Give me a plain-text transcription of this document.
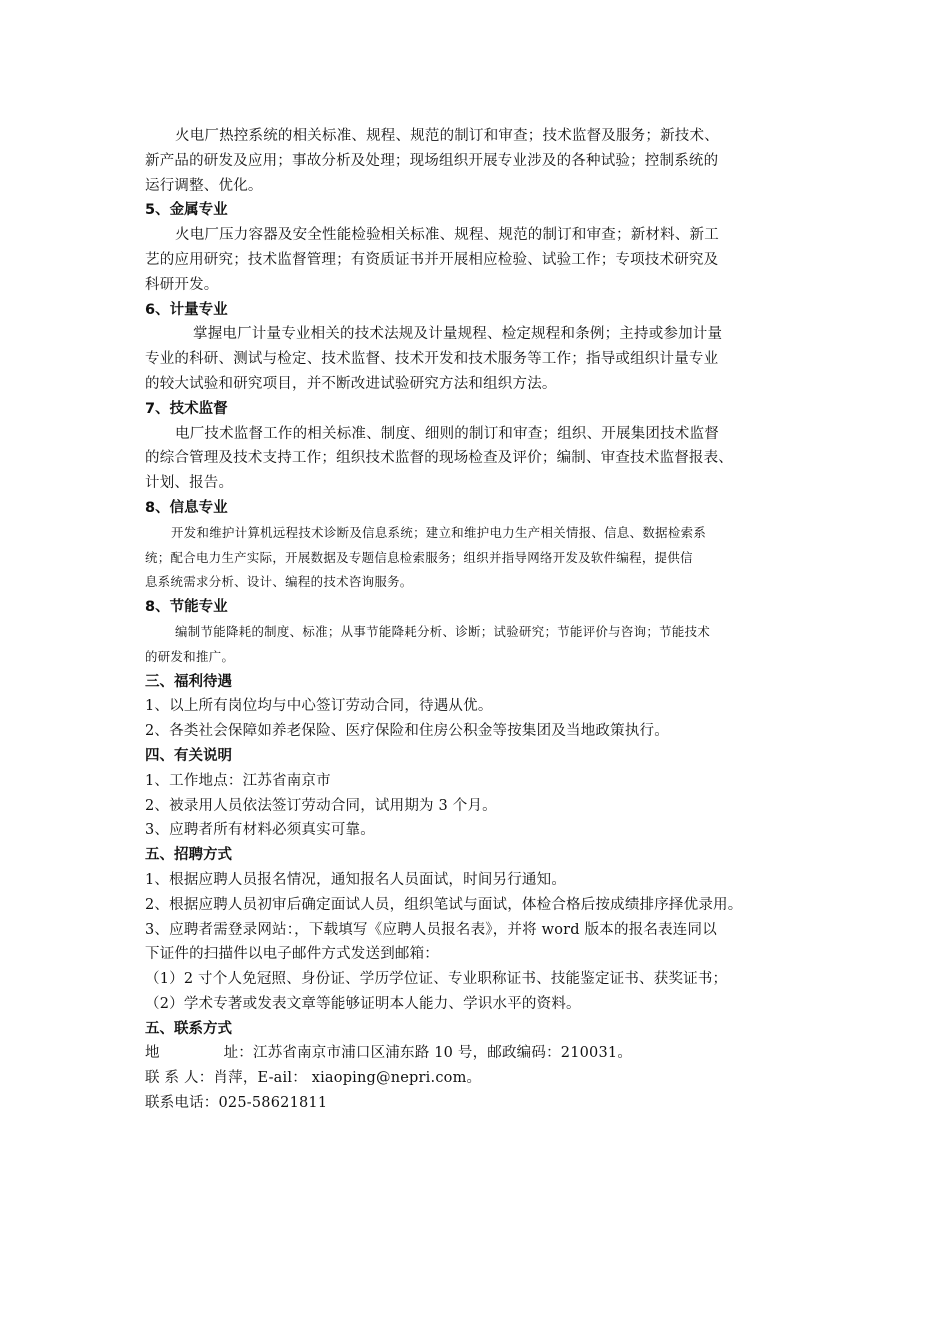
火电厂热控系统的相关标准、规程、规范的制订和审查；技术监督及服务；新技术、

新产品的研发及应用；事故分析及处理；现场组织开展专业涉及的各种试验；控制系统的

运行调整、优化。

5、金属专业

火电厂压力容器及安全性能检验相关标准、规程、规范的制订和审查；新材料、新工

艺的应用研究；技术监督管理；有资质证书并开展相应检验、试验工作；专项技术研究及

科研开发。

6、计量专业

掌握电厂计量专业相关的技术法规及计量规程、检定规程和条例；主持或参加计量

专业的科研、测试与检定、技术监督、技术开发和技术服务等工作；指导或组织计量专业

的较大试验和研究项目，并不断改进试验研究方法和组织方法。

7、技术监督

电厂技术监督工作的相关标准、制度、细则的制订和审查；组织、开展集团技术监督

的综合管理及技术支持工作；组织技术监督的现场检查及评价；编制、审查技术监督报表、

计划、报告。

8、信息专业

开发和维护计算机远程技术诊断及信息系统；建立和维护电力生产相关情报、信息、数据检索系

统；配合电力生产实际，开展数据及专题信息检索服务；组织并指导网络开发及软件编程，提供信

息系统需求分析、设计、编程的技术咨询服务。

8、节能专业

编制节能降耗的制度、标准；从事节能降耗分析、诊断；试验研究；节能评价与咨询；节能技术

的研发和推广。

三、福利待遇

1、以上所有岗位均与中心签订劳动合同，待遇从优。

2、各类社会保障如养老保险、医疗保险和住房公积金等按集团及当地政策执行。

四、有关说明

1、工作地点：江苏省南京市

2、被录用人员依法签订劳动合同，试用期为 3 个月。

3、应聘者所有材料必须真实可靠。

五、招聘方式

1、根据应聘人员报名情况，通知报名人员面试，时间另行通知。

2、根据应聘人员初审后确定面试人员，组织笔试与面试，体检合格后按成绩排序择优录用。

3、应聘者需登录网站：，下载填写《应聘人员报名表》，并将 word 版本的报名表连同以

下证件的扫描件以电子邮件方式发送到邮箱：

（1）2 寸个人免冠照、身份证、学历学位证、专业职称证书、技能鉴定证书、获奖证书；

（2）学术专著或发表文章等能够证明本人能力、学识水平的资料。

五、联系方式

地	址： 江苏省南京市浦口区浦东路 10 号，邮政编码：210031。

联 系 人：肖萍，E-ail： xiaoping@nepri.com。

联系电话：025-58621811
